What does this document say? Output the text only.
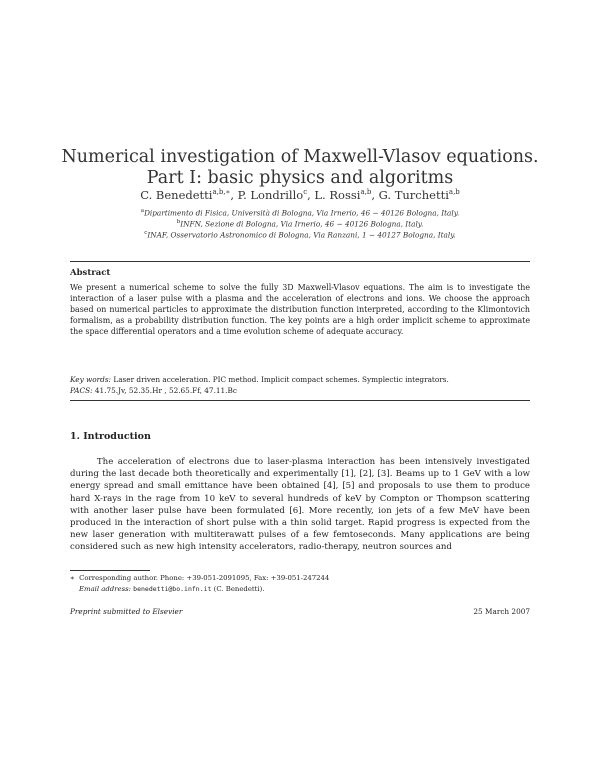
Numerical investigation of Maxwell-Vlasov equations.
Part I: basic physics and algoritms
C. Benedetti$^{a,b,∗}$, P. Londrillo$^c$, L. Rossi$^{a,b}$, G. Turchetti$^{a,b}$
$^a$Dipartimento di Fisica, Università di Bologna, Via Irnerio, 46 − 40126 Bologna, Italy.
$^b$INFN, Sezione di Bologna, Via Irnerio, 46 − 40126 Bologna, Italy.
$^c$INAF, Osservatorio Astronomico di Bologna, Via Ranzani, 1 − 40127 Bologna, Italy.
Abstract
We present a numerical scheme to solve the fully 3D Maxwell-Vlasov equations. The aim is to investigate the interaction of a laser pulse with a plasma and the acceleration of electrons and ions. We choose the approach based on numerical particles to approximate the distribution function interpreted, according to the Klimontovich formalism, as a probability distribution function. The key points are a high order implicit scheme to approximate the space differential operators and a time evolution scheme of adequate accuracy.
Key words: Laser driven acceleration. PIC method. Implicit compact schemes. Symplectic integrators.
PACS: 41.75.Jv, 52.35.Hr , 52.65.Ff, 47.11.Bc
1. Introduction
The acceleration of electrons due to laser-plasma interaction has been intensively investigated during the last decade both theoretically and experimentally [1], [2], [3]. Beams up to 1 GeV with a low energy spread and small emittance have been obtained [4], [5] and proposals to use them to produce hard X-rays in the rage from 10 keV to several hundreds of keV by Compton or Thompson scattering with another laser pulse have been formulated [6]. More recently, ion jets of a few MeV have been produced in the interaction of short pulse with a thin solid target. Rapid progress is expected from the new laser generation with multiterawatt pulses of a few femtoseconds. Many applications are being considered such as new high intensity accelerators, radio-therapy, neutron sources and
∗ Corresponding author. Phone: +39-051-2091095, Fax: +39-051-247244
Email address: benedetti@bo.infn.it (C. Benedetti).
Preprint submitted to Elsevier	25 March 2007
